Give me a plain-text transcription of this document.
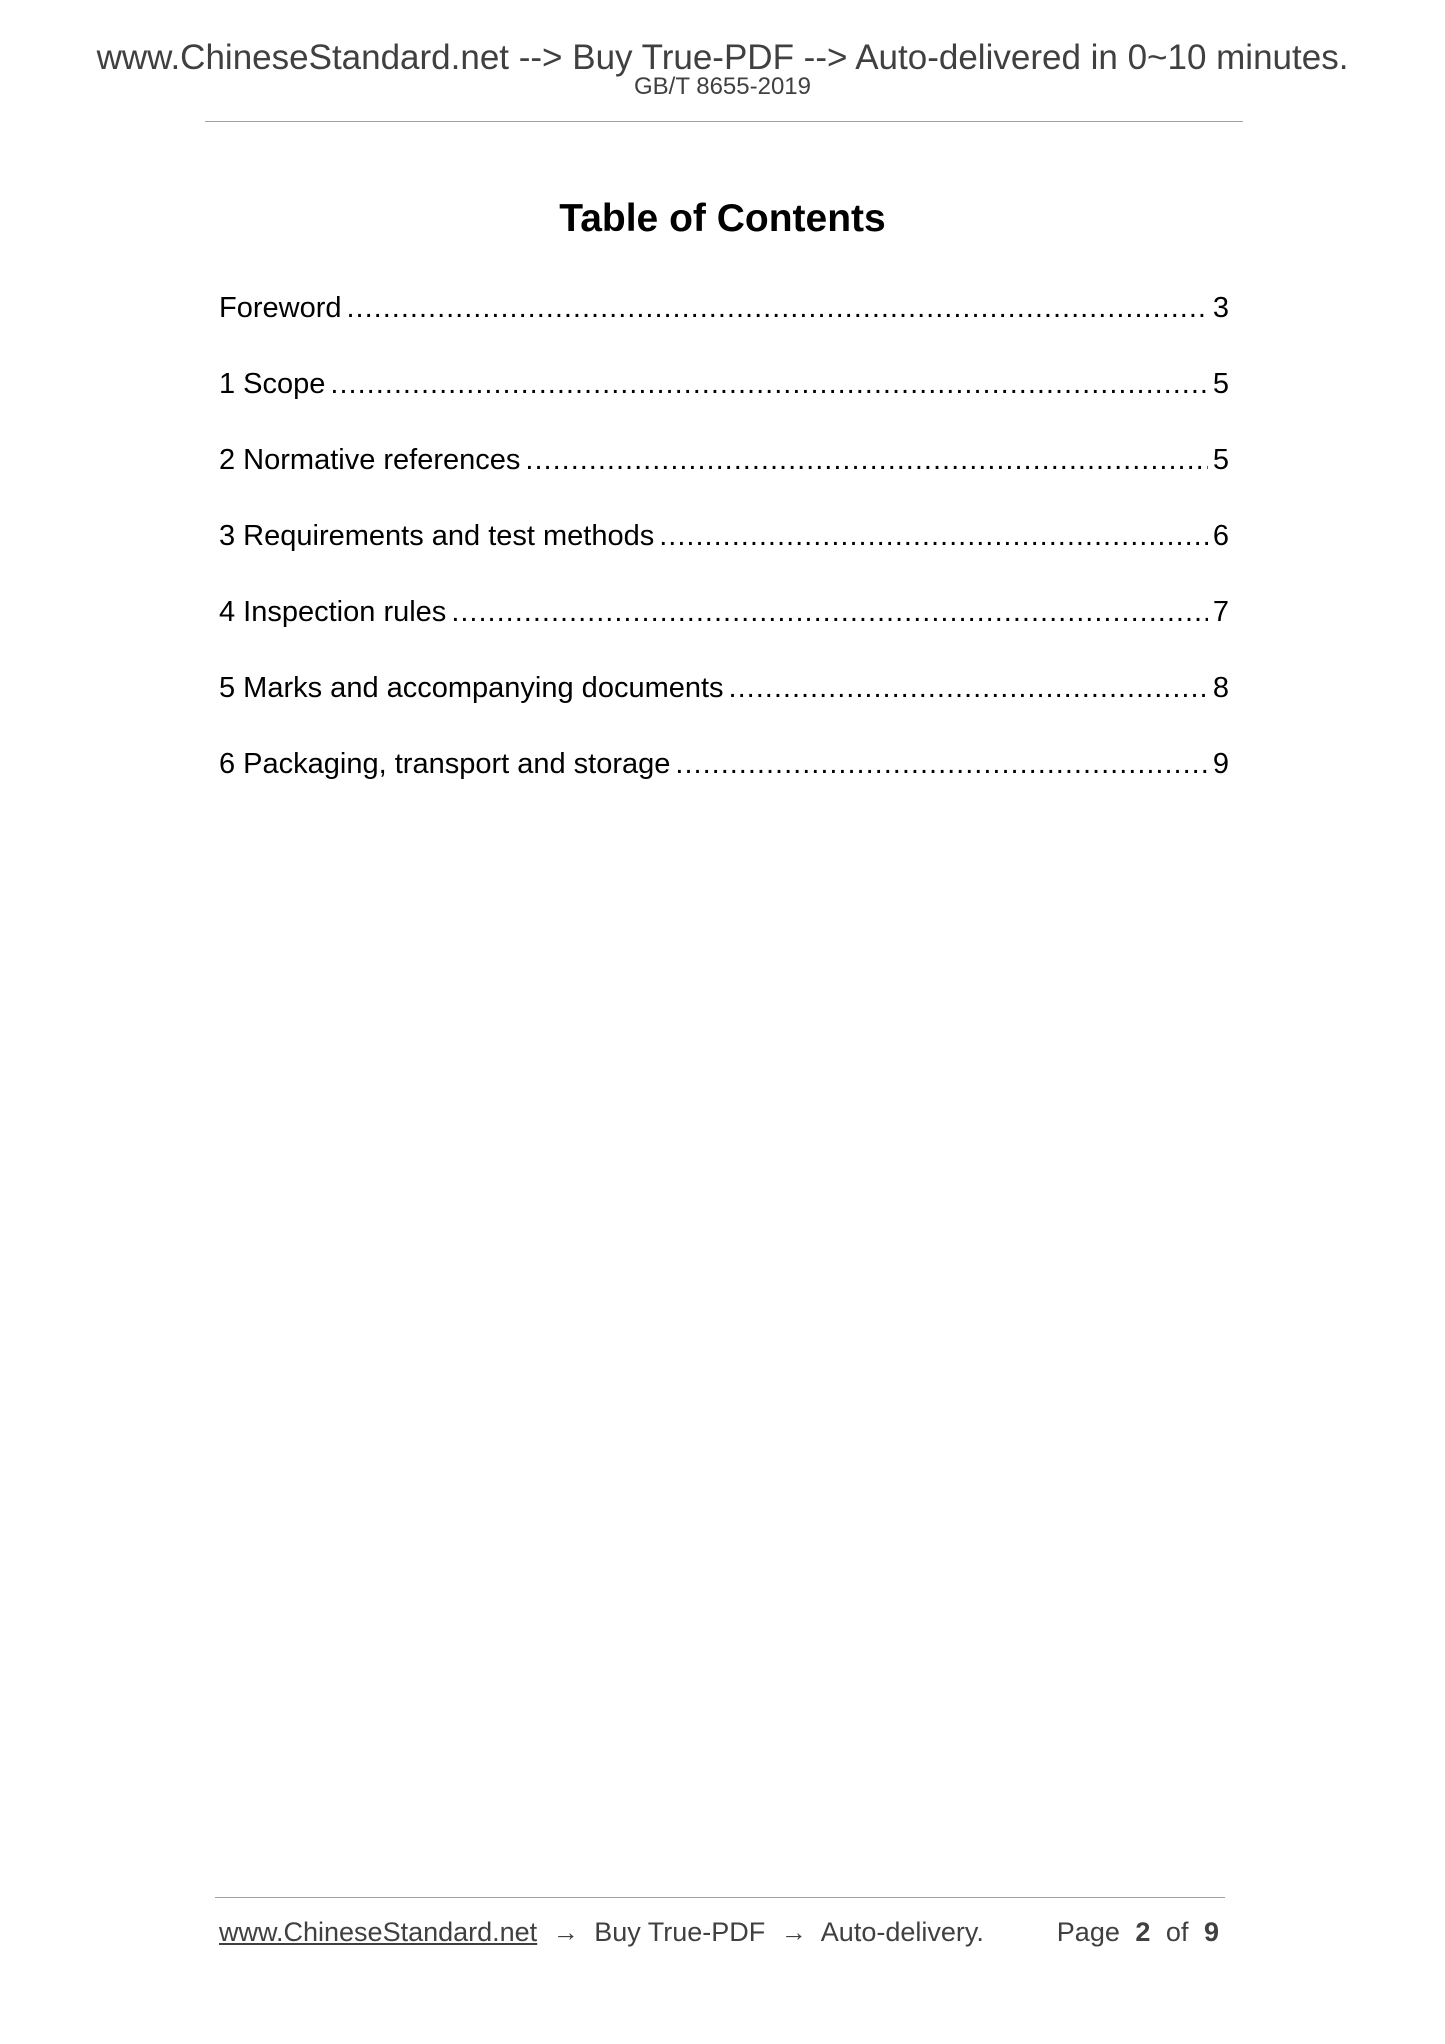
www.ChineseStandard.net --> Buy True-PDF --> Auto-delivered in 0~10 minutes.
GB/T 8655-2019
Table of Contents
Foreword .....	3
1 Scope .....	5
2 Normative references .....	5
3 Requirements and test methods .....	6
4 Inspection rules .....	7
5 Marks and accompanying documents .....	8
6 Packaging, transport and storage .....	9
www.ChineseStandard.net → Buy True-PDF → Auto-delivery.	Page 2 of 9
